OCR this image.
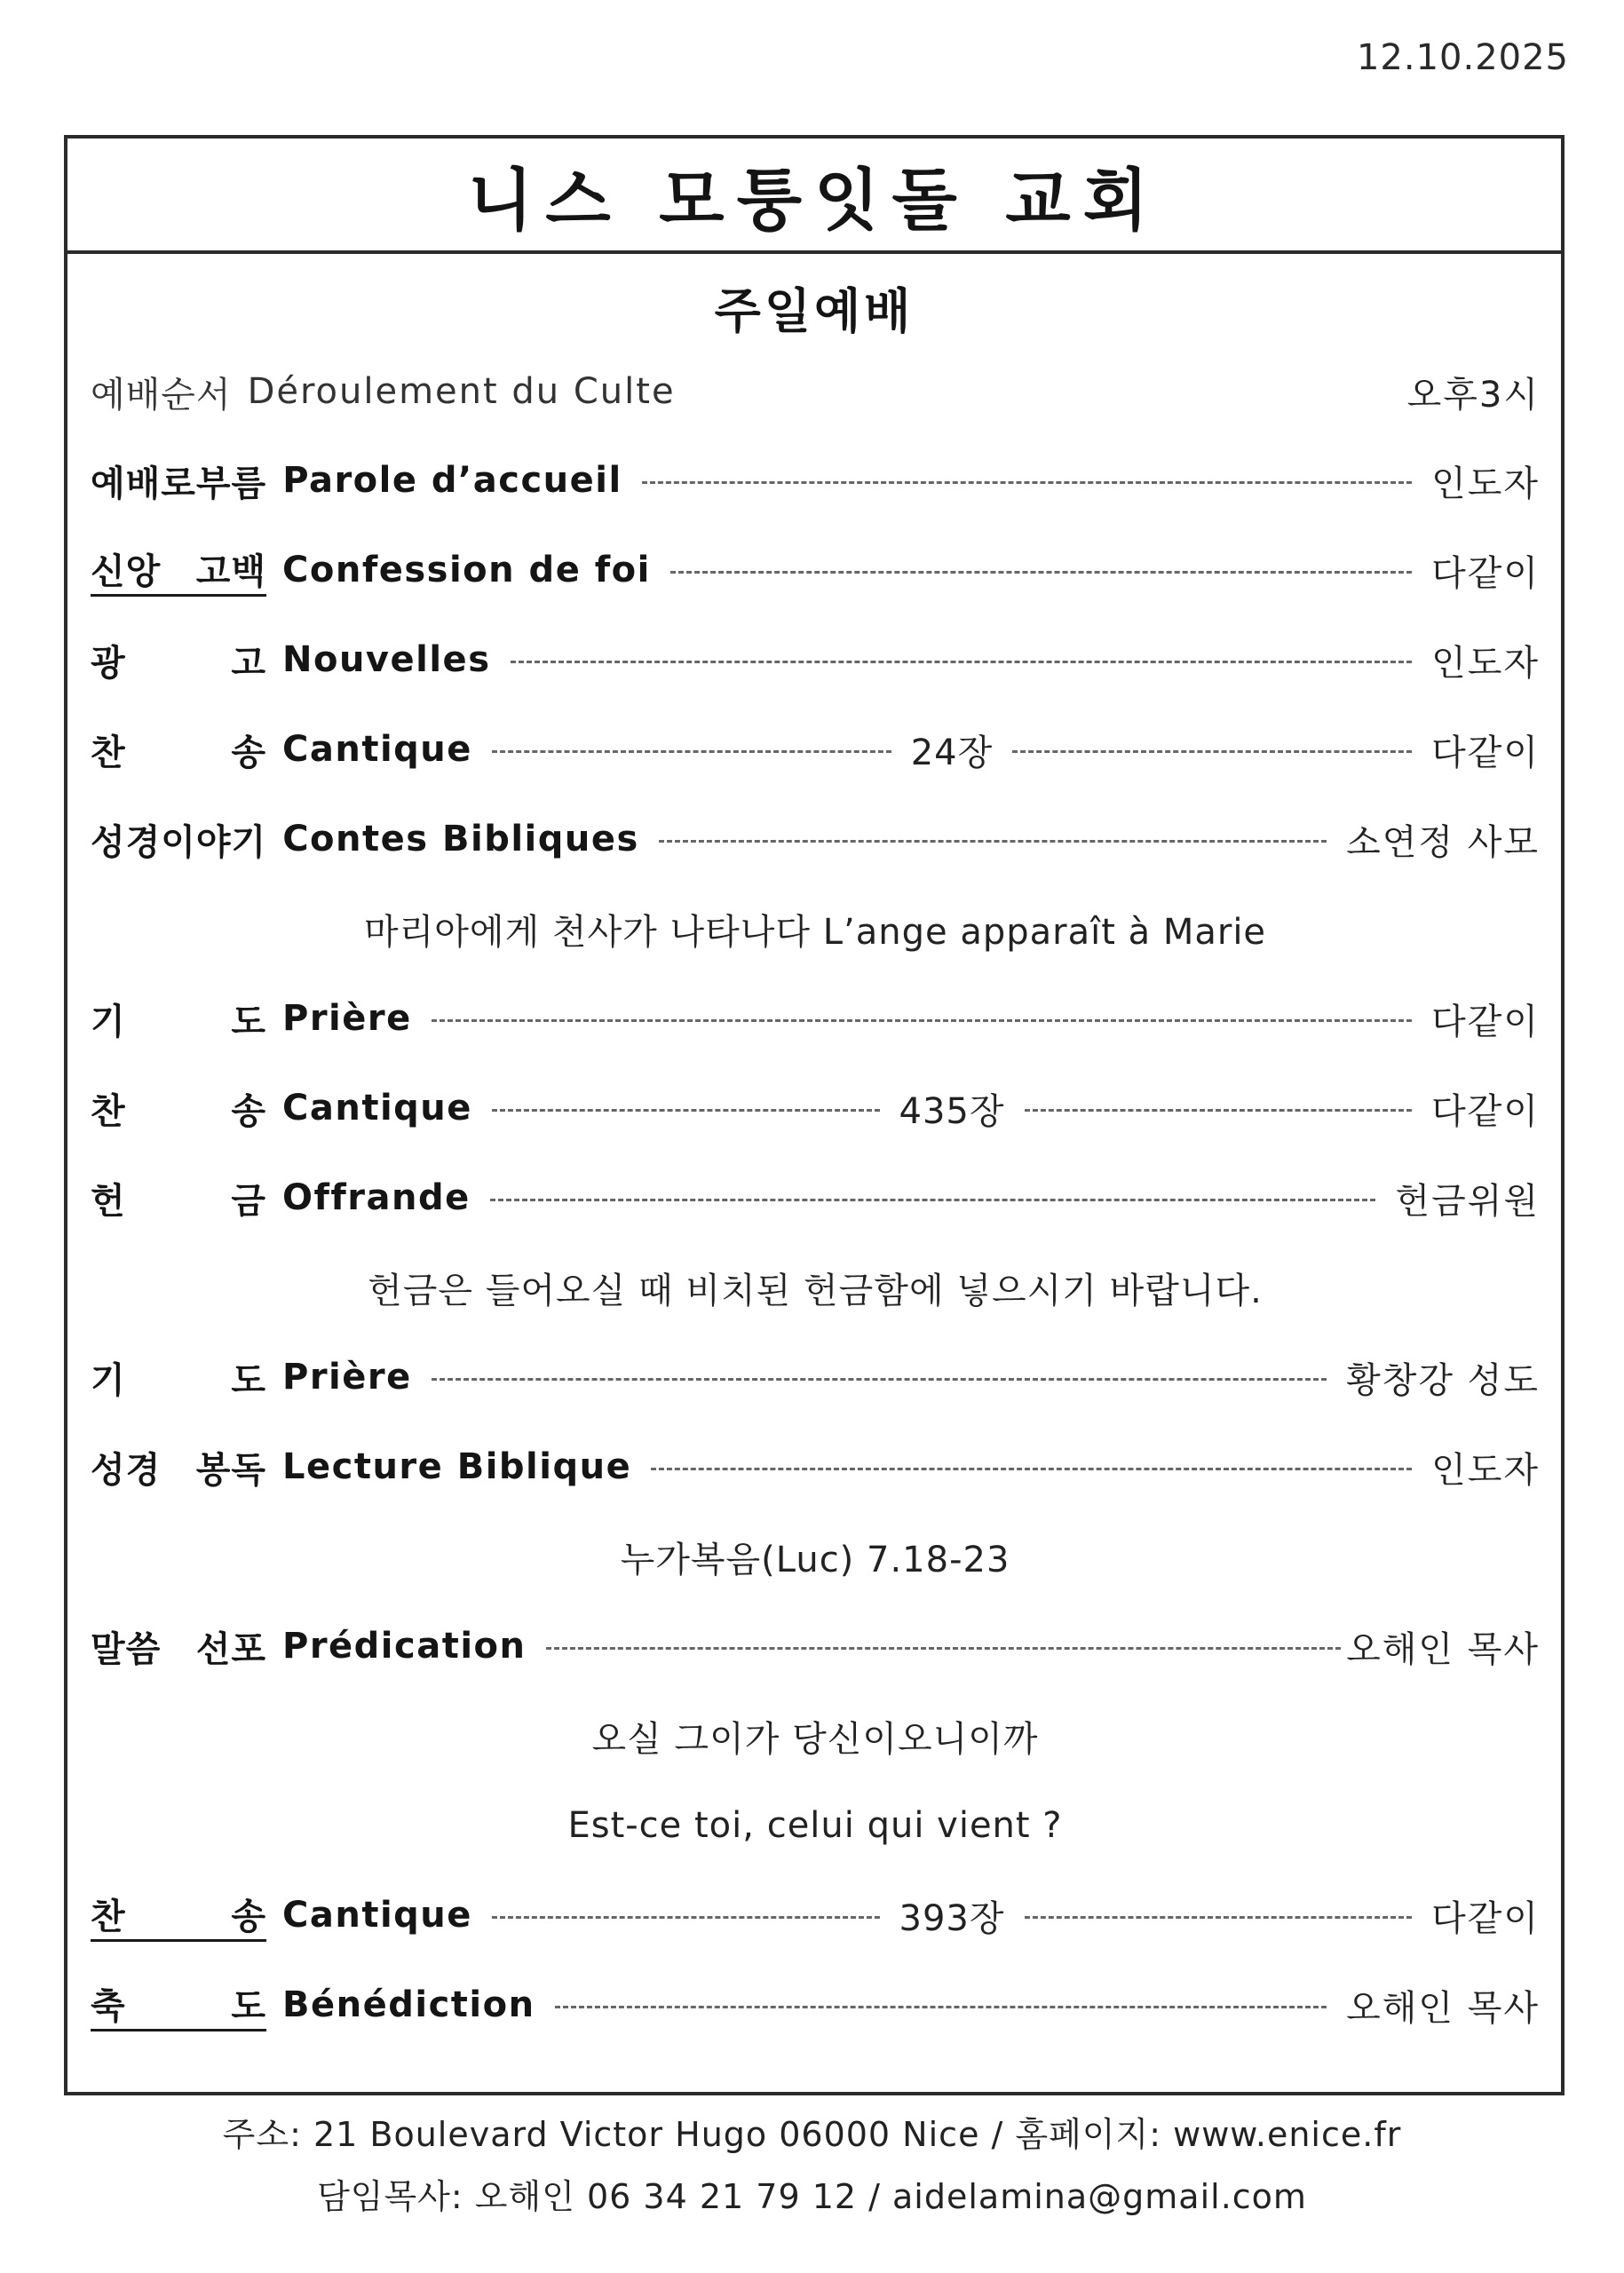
12.10.2025
니스 모퉁잇돌 교회
주일예배
예배순서 Déroulement du Culte	오후3시
예배로부름 Parole d’accueil	인도자
신앙 고백 Confession de foi	다같이
광	고 Nouvelles	인도자
찬	송 Cantique	24장	다같이
성경이야기 Contes Bibliques	소연정 사모
마리아에게 천사가 나타나다 L’ange apparaît à Marie
기	도 Prière	다같이
찬	송 Cantique	435장	다같이
헌	금 Offrande	헌금위원
헌금은 들어오실 때 비치된 헌금함에 넣으시기 바랍니다.
기	도 Prière	황창강 성도
성경 봉독 Lecture Biblique	인도자
누가복음(Luc) 7.18-23
말씀 선포 Prédication	오해인 목사
오실 그이가 당신이오니이까
Est-ce toi, celui qui vient ?
찬	송 Cantique	393장	다같이
축	도 Bénédiction	오해인 목사
주소: 21 Boulevard Victor Hugo 06000 Nice / 홈페이지: www.enice.fr
담임목사: 오해인 06 34 21 79 12 / aidelamina@gmail.com
